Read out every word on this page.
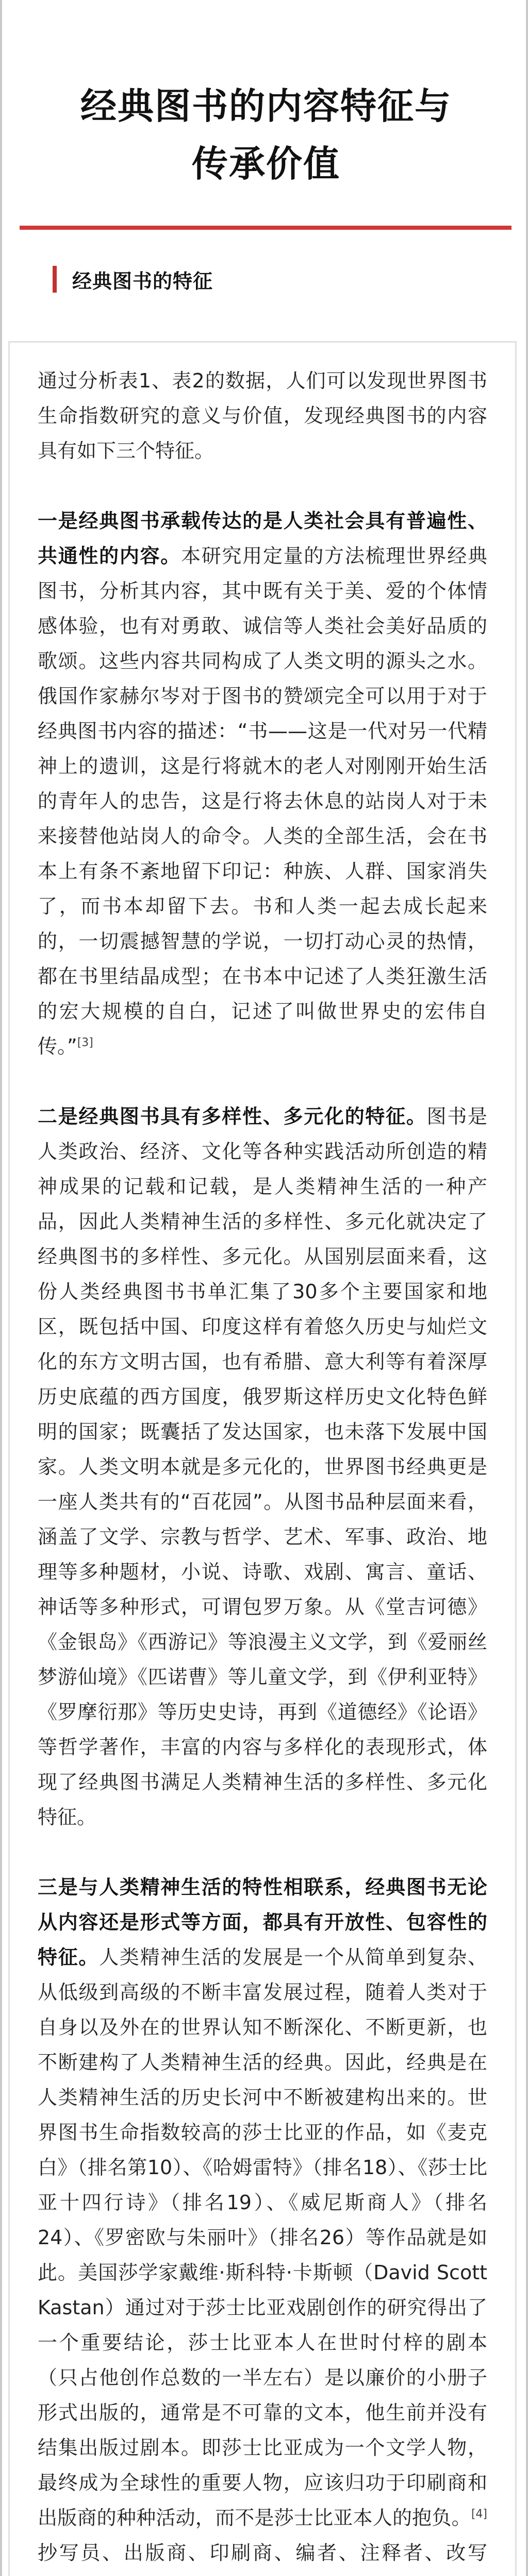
经典图书的内容特征与
传承价值
经典图书的特征

通过分析表1、表2的数据，人们可以发现世界图书生命指数研究的意义与价值，发现经典图书的内容具有如下三个特征。

一是经典图书承载传达的是人类社会具有普遍性、共通性的内容。本研究用定量的方法梳理世界经典图书，分析其内容，其中既有关于美、爱的个体情感体验，也有对勇敢、诚信等人类社会美好品质的歌颂。这些内容共同构成了人类文明的源头之水。俄国作家赫尔岑对于图书的赞颂完全可以用于对于经典图书内容的描述：“书——这是一代对另一代精神上的遗训，这是行将就木的老人对刚刚开始生活的青年人的忠告，这是行将去休息的站岗人对于未来接替他站岗人的命令。人类的全部生活，会在书本上有条不紊地留下印记：种族、人群、国家消失了，而书本却留下去。书和人类一起去成长起来的，一切震撼智慧的学说，一切打动心灵的热情，都在书里结晶成型；在书本中记述了人类狂激生活的宏大规模的自白，记述了叫做世界史的宏伟自传。”[3]

二是经典图书具有多样性、多元化的特征。图书是人类政治、经济、文化等各种实践活动所创造的精神成果的记载和记载，是人类精神生活的一种产品，因此人类精神生活的多样性、多元化就决定了经典图书的多样性、多元化。从国别层面来看，这份人类经典图书书单汇集了30多个主要国家和地区，既包括中国、印度这样有着悠久历史与灿烂文化的东方文明古国，也有希腊、意大利等有着深厚历史底蕴的西方国度，俄罗斯这样历史文化特色鲜明的国家；既囊括了发达国家，也未落下发展中国家。人类文明本就是多元化的，世界图书经典更是一座人类共有的“百花园”。从图书品种层面来看，涵盖了文学、宗教与哲学、艺术、军事、政治、地理等多种题材，小说、诗歌、戏剧、寓言、童话、神话等多种形式，可谓包罗万象。从《堂吉诃德》《金银岛》《西游记》等浪漫主义文学，到《爱丽丝梦游仙境》《匹诺曹》等儿童文学，到《伊利亚特》《罗摩衍那》等历史史诗，再到《道德经》《论语》等哲学著作，丰富的内容与多样化的表现形式，体现了经典图书满足人类精神生活的多样性、多元化特征。

三是与人类精神生活的特性相联系，经典图书无论从内容还是形式等方面，都具有开放性、包容性的特征。人类精神生活的发展是一个从简单到复杂、从低级到高级的不断丰富发展过程，随着人类对于自身以及外在的世界认知不断深化、不断更新，也不断建构了人类精神生活的经典。因此，经典是在人类精神生活的历史长河中不断被建构出来的。世界图书生命指数较高的莎士比亚的作品，如《麦克白》（排名第10）、《哈姆雷特》（排名18）、《莎士比亚十四行诗》（排名19）、《威尼斯商人》（排名24）、《罗密欧与朱丽叶》（排名26）等作品就是如此。美国莎学家戴维·斯科特·卡斯顿（David Scott Kastan）通过对于莎士比亚戏剧创作的研究得出了一个重要结论，莎士比亚本人在世时付梓的剧本（只占他创作总数的一半左右）是以廉价的小册子形式出版的，通常是不可靠的文本，他生前并没有结集出版过剧本。即莎士比亚成为一个文学人物，最终成为全球性的重要人物，应该归功于印刷商和出版商的种种活动，而不是莎士比亚本人的抱负。[4]抄写员、出版商、印刷商、编者、注释者、改写
